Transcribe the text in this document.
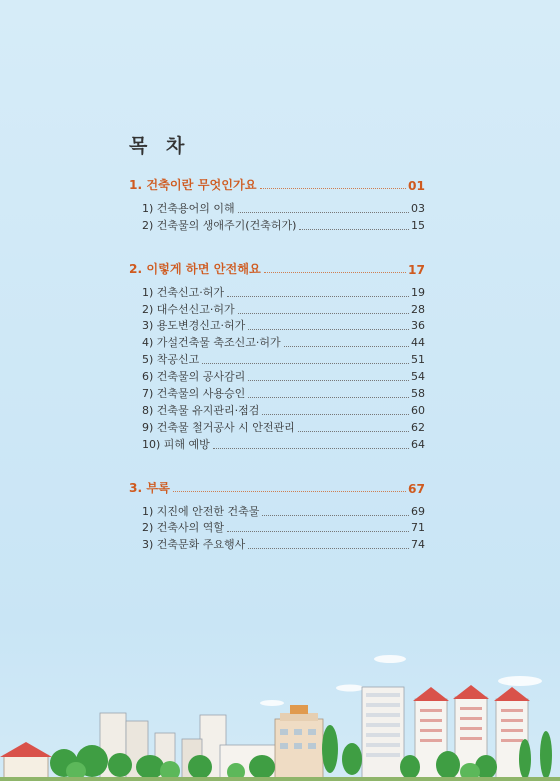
목 차
1. 건축이란 무엇인가요	01
1) 건축용어의 이해	03
2) 건축물의 생애주기(건축허가)	15
2. 이렇게 하면 안전해요	17
1) 건축신고·허가	19
2) 대수선신고·허가	28
3) 용도변경신고·허가	36
4) 가설건축물 축조신고·허가	44
5) 착공신고	51
6) 건축물의 공사감리	54
7) 건축물의 사용승인	58
8) 건축물 유지관리·점검	60
9) 건축물 철거공사 시 안전관리	62
10) 피해 예방	64
3. 부록	67
1) 지진에 안전한 건축물	69
2) 건축사의 역할	71
3) 건축문화 주요행사	74
